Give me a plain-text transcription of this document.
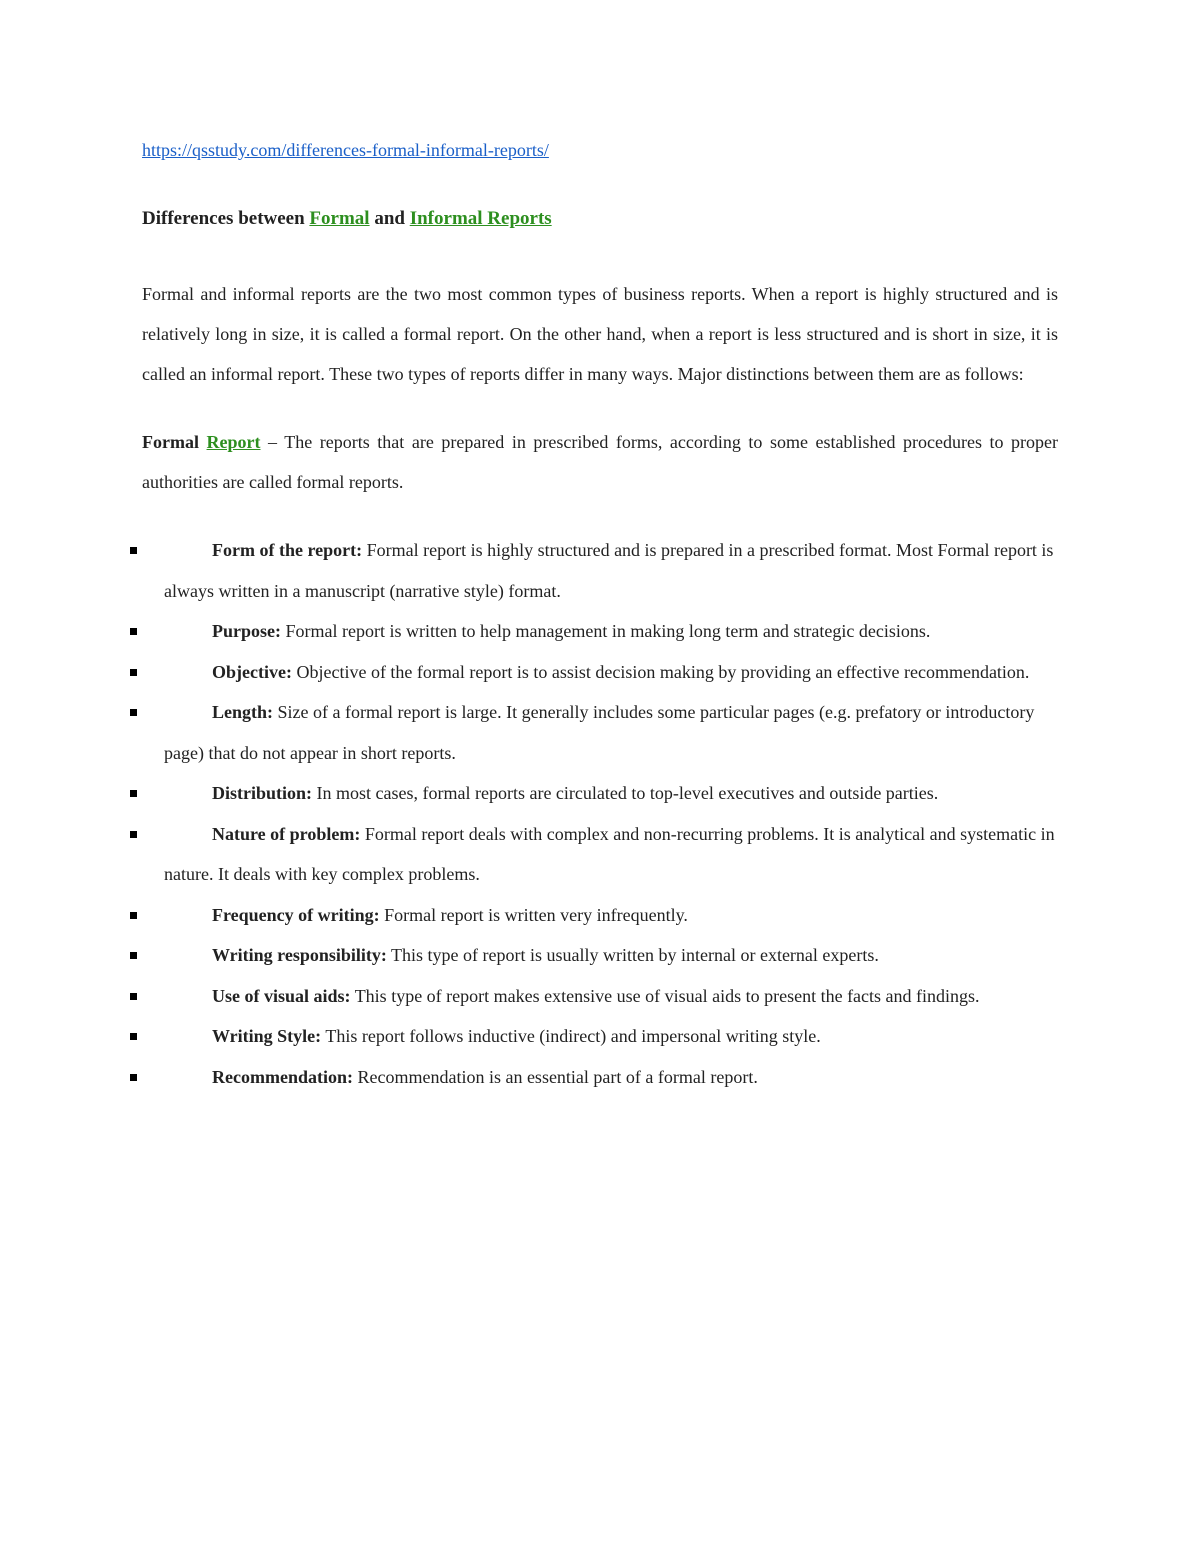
https://qsstudy.com/differences-formal-informal-reports/
Differences between Formal and Informal Reports

Formal and informal reports are the two most common types of business reports. When a report is highly structured and is relatively long in size, it is called a formal report. On the other hand, when a report is less structured and is short in size, it is called an informal report. These two types of reports differ in many ways. Major distinctions between them are as follows:

Formal Report – The reports that are prepared in prescribed forms, according to some established procedures to proper authorities are called formal reports.

Form of the report: Formal report is highly structured and is prepared in a prescribed format. Most Formal report is always written in a manuscript (narrative style) format.
Purpose: Formal report is written to help management in making long term and strategic decisions.
Objective: Objective of the formal report is to assist decision making by providing an effective recommendation.
Length: Size of a formal report is large. It generally includes some particular pages (e.g. prefatory or introductory page) that do not appear in short reports.
Distribution: In most cases, formal reports are circulated to top-level executives and outside parties.
Nature of problem: Formal report deals with complex and non-recurring problems. It is analytical and systematic in nature. It deals with key complex problems.
Frequency of writing: Formal report is written very infrequently.
Writing responsibility: This type of report is usually written by internal or external experts.
Use of visual aids: This type of report makes extensive use of visual aids to present the facts and findings.
Writing Style: This report follows inductive (indirect) and impersonal writing style.
Recommendation: Recommendation is an essential part of a formal report.
